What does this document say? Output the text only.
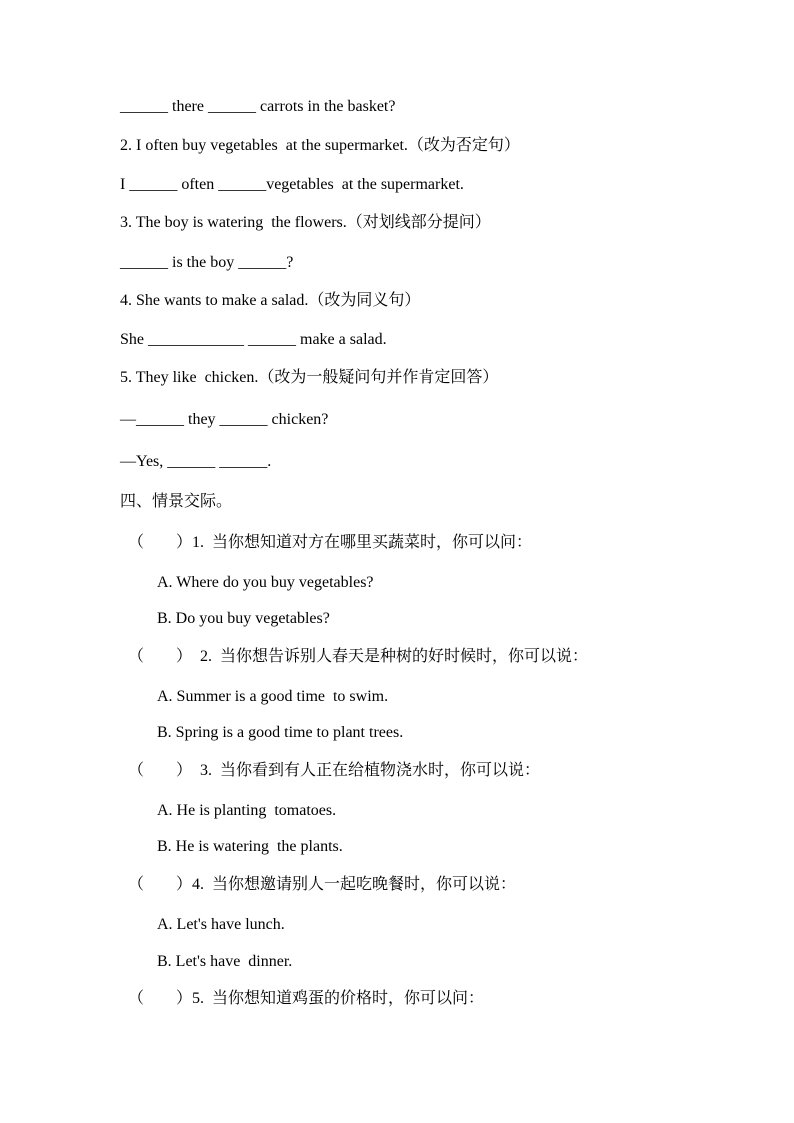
______ there ______ carrots in the basket?
2. I often buy vegetables  at the supermarket.（改为否定句）
I ______ often ______vegetables  at the supermarket.
3. The boy is watering  the flowers.（对划线部分提问）
______ is the boy ______?
4. She wants to make a salad.（改为同义句）
She ____________ ______ make a salad.
5. They like  chicken.（改为一般疑问句并作肯定回答）
—______ they ______ chicken?
—Yes, ______ ______.
四、情景交际。
（        ）1.  当你想知道对方在哪里买蔬菜时，你可以问：
A. Where do you buy vegetables?
B. Do you buy vegetables?
（        ）  2.  当你想告诉别人春天是种树的好时候时，你可以说：
A. Summer is a good time  to swim.
B. Spring is a good time to plant trees.
（        ）  3.  当你看到有人正在给植物浇水时，你可以说：
A. He is planting  tomatoes.
B. He is watering  the plants.
（        ）4.  当你想邀请别人一起吃晚餐时，你可以说：
A. Let's have lunch.
B. Let's have  dinner.
（        ）5.  当你想知道鸡蛋的价格时，你可以问：
